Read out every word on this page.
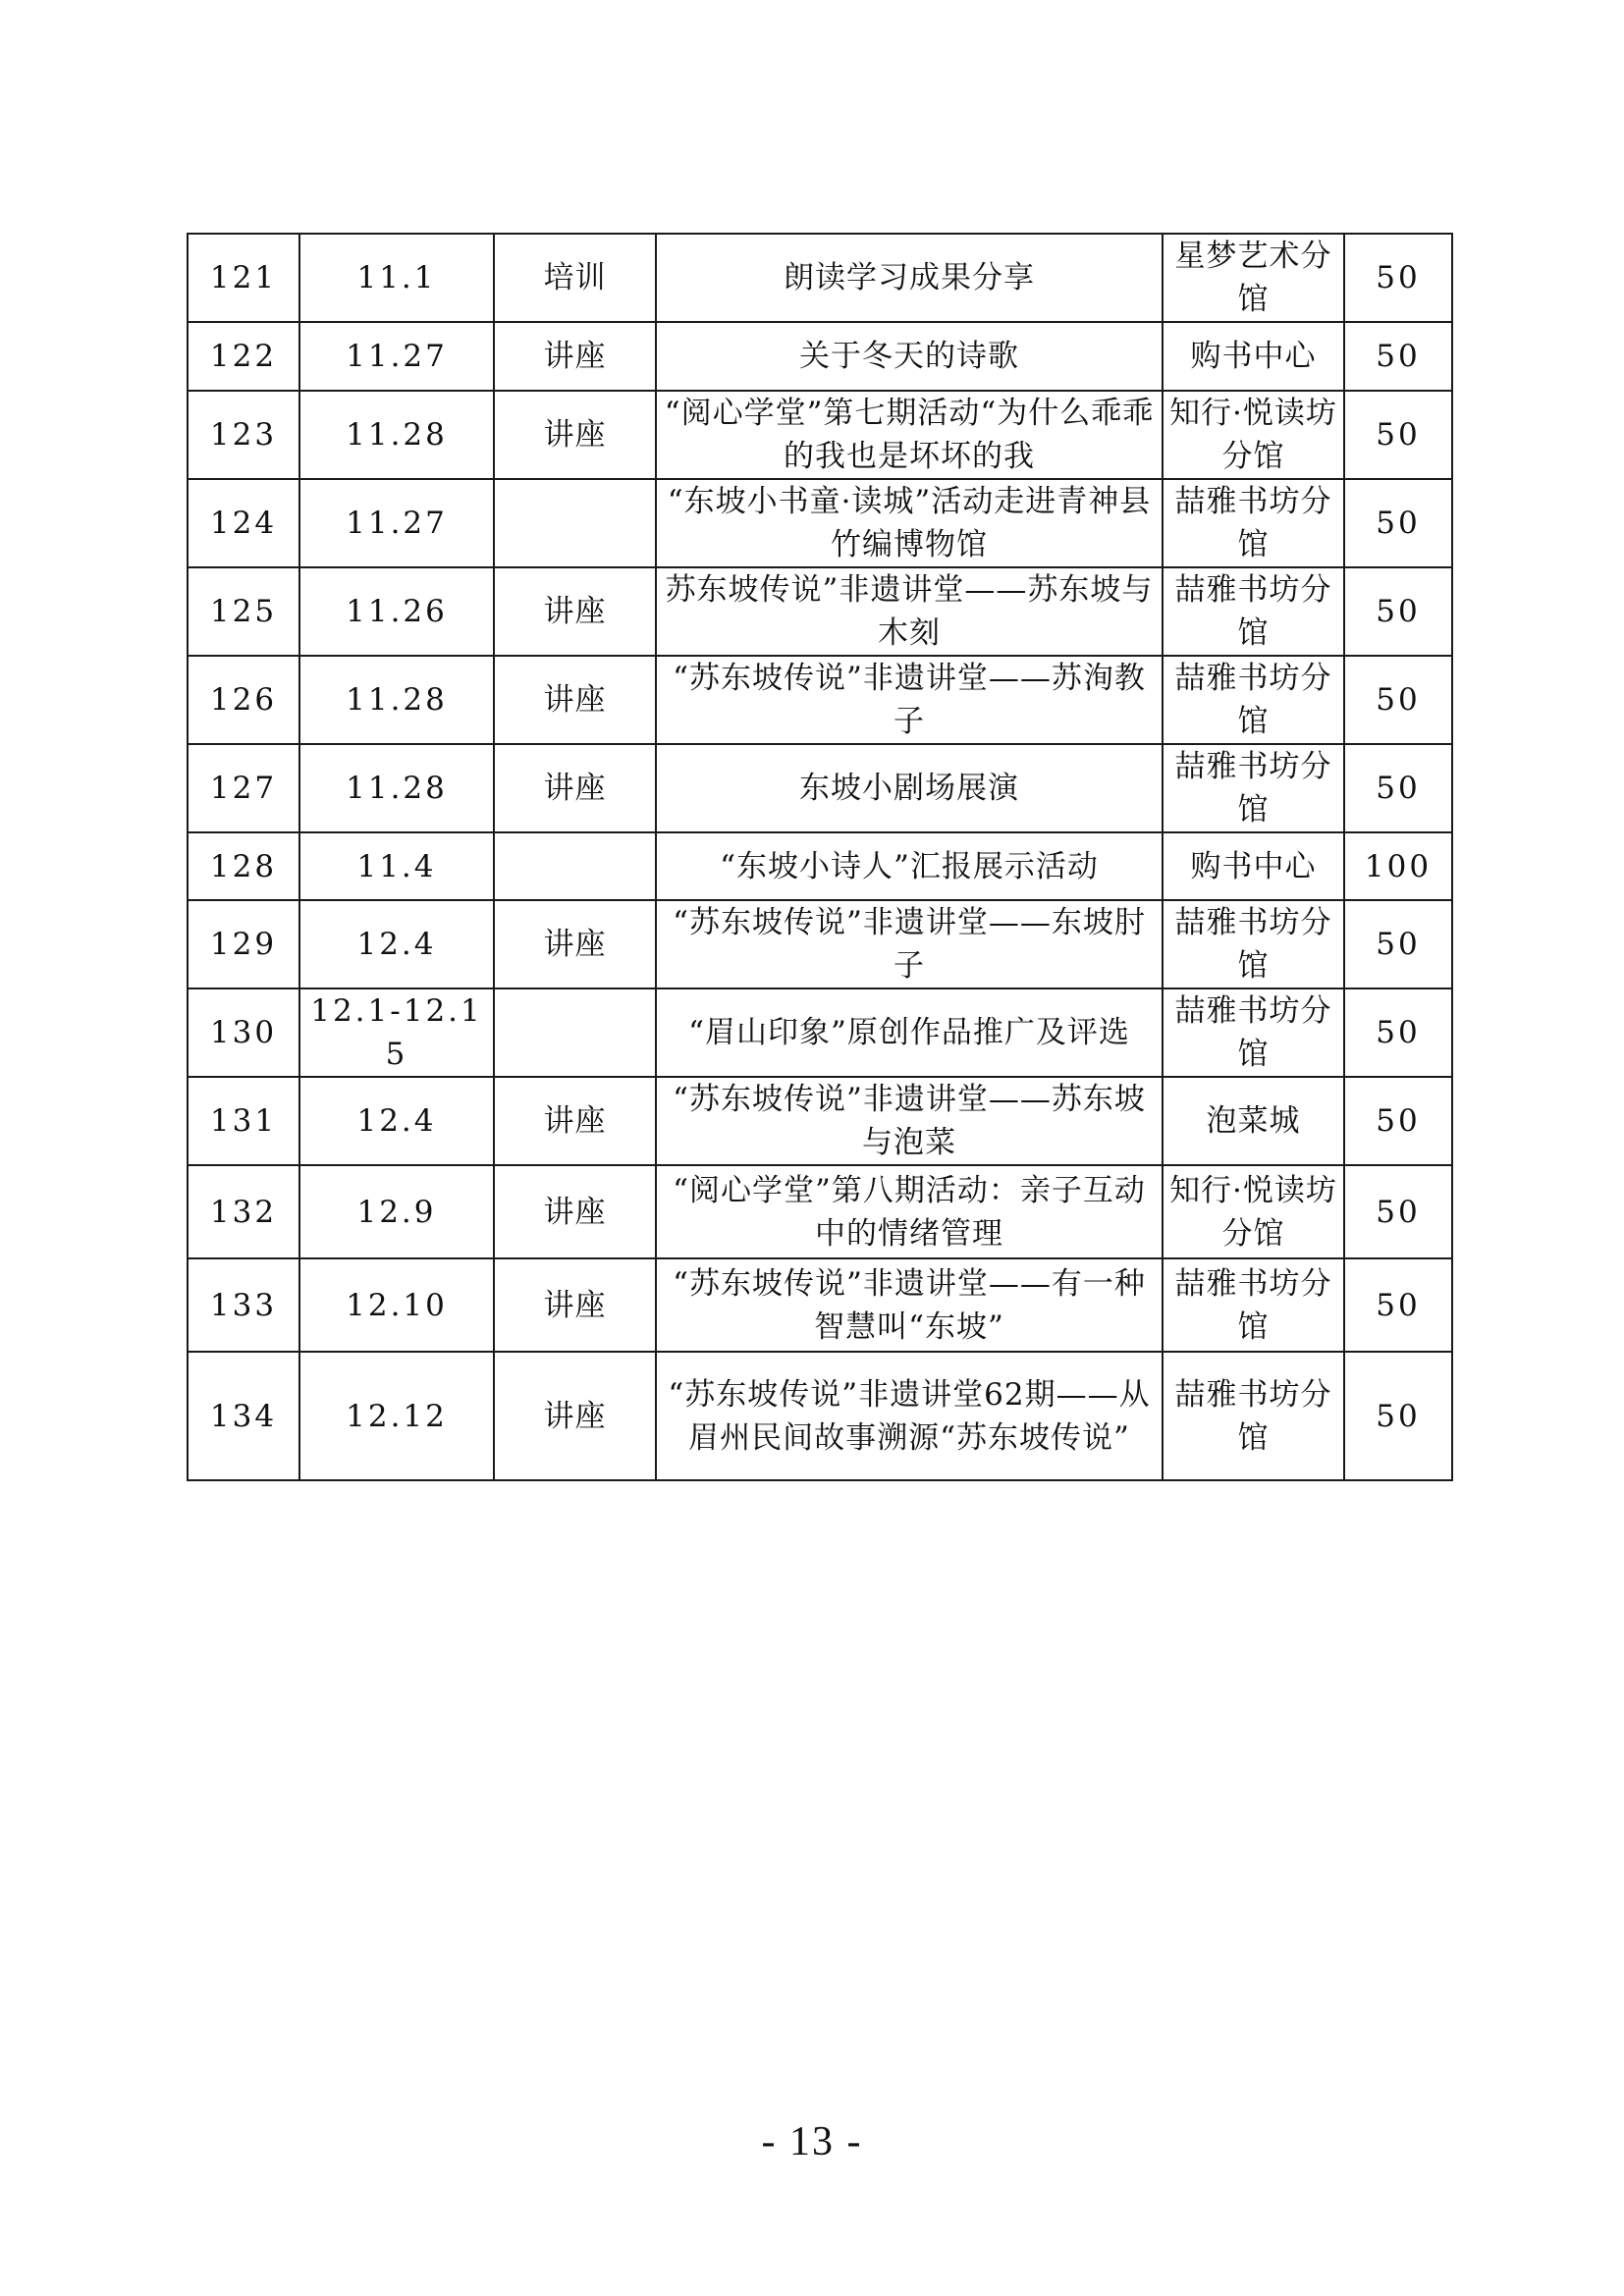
121	11.1	培训	朗读学习成果分享	星梦艺术分馆	50
122	11.27	讲座	关于冬天的诗歌	购书中心	50
123	11.28	讲座	“阅心学堂”第七期活动“为什么乖乖的我也是坏坏的我	知行·悦读坊分馆	50
124	11.27		“东坡小书童·读城”活动走进青神县竹编博物馆	喆雅书坊分馆	50
125	11.26	讲座	苏东坡传说”非遗讲堂——苏东坡与木刻	喆雅书坊分馆	50
126	11.28	讲座	“苏东坡传说”非遗讲堂——苏洵教子	喆雅书坊分馆	50
127	11.28	讲座	东坡小剧场展演	喆雅书坊分馆	50
128	11.4		“东坡小诗人”汇报展示活动	购书中心	100
129	12.4	讲座	“苏东坡传说”非遗讲堂——东坡肘子	喆雅书坊分馆	50
130	12.1-12.15		“眉山印象”原创作品推广及评选	喆雅书坊分馆	50
131	12.4	讲座	“苏东坡传说”非遗讲堂——苏东坡与泡菜	泡菜城	50
132	12.9	讲座	“阅心学堂”第八期活动：亲子互动中的情绪管理	知行·悦读坊分馆	50
133	12.10	讲座	“苏东坡传说”非遗讲堂——有一种智慧叫“东坡”	喆雅书坊分馆	50
134	12.12	讲座	“苏东坡传说”非遗讲堂62期——从眉州民间故事溯源“苏东坡传说”	喆雅书坊分馆	50
- 13 -
